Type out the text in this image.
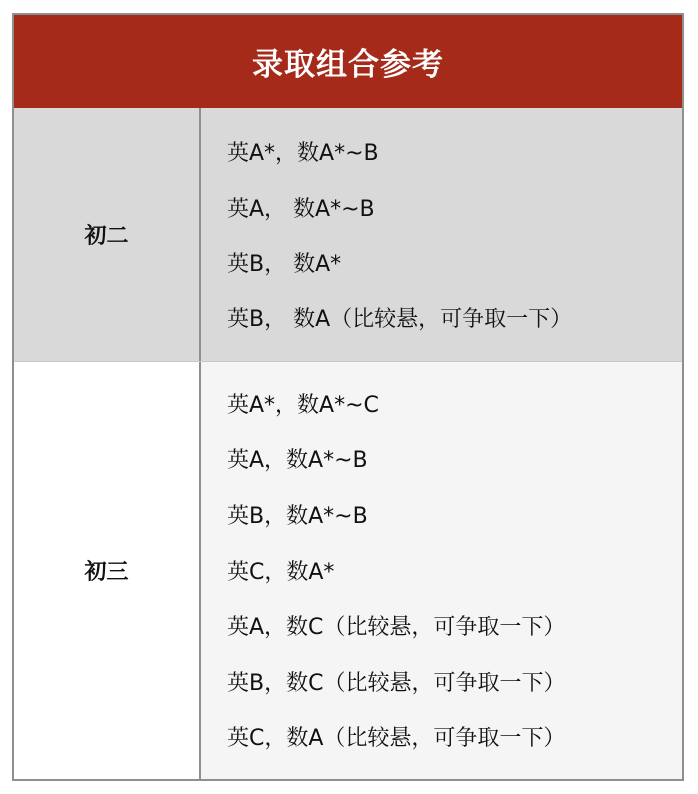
录取组合参考
初二
英A*，数A*~B
英A， 数A*~B
英B， 数A*
英B， 数A（比较悬，可争取一下）
初三
英A*，数A*~C
英A，数A*~B
英B，数A*~B
英C，数A*
英A，数C（比较悬，可争取一下）
英B，数C（比较悬，可争取一下）
英C，数A（比较悬，可争取一下）
